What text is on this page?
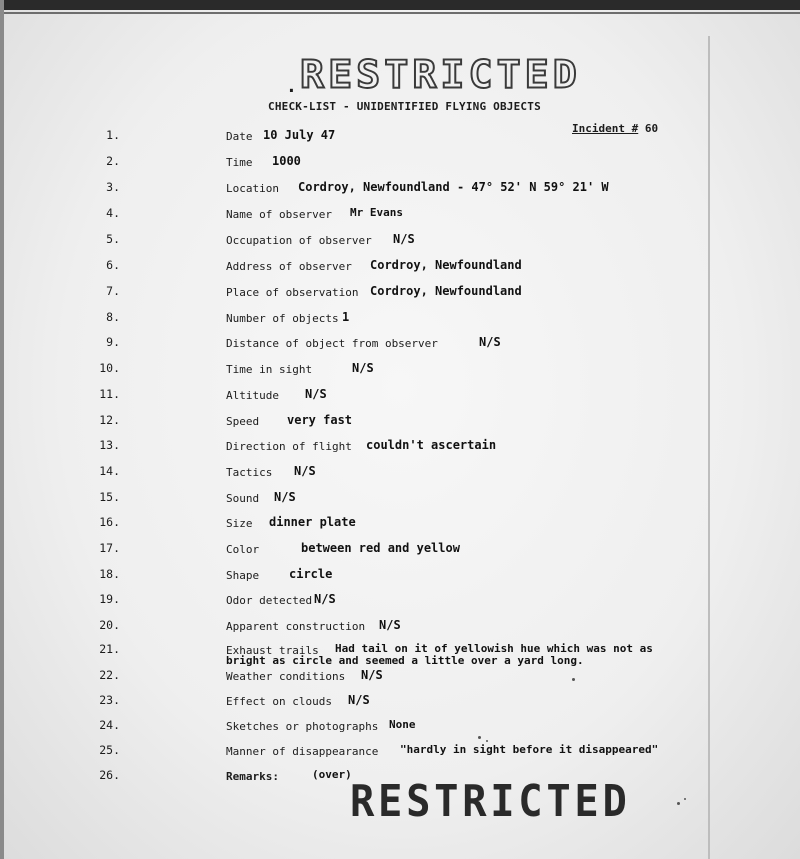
. RESTRICTED
CHECK-LIST - UNIDENTIFIED FLYING OBJECTS
Incident # 60
1.	Date 10 July 47
2.	Time 1000
3.	Location Cordroy, Newfoundland - 47° 52' N 59° 21' W
4.	Name of observer Mr Evans
5.	Occupation of observer N/S
6.	Address of observer Cordroy, Newfoundland
7.	Place of observation Cordroy, Newfoundland
8.	Number of objects 1
9.	Distance of object from observer	N/S
10.	Time in sight	N/S
11.	Altitude N/S
12.	Speed very fast
13.	Direction of flight couldn't ascertain
14.	Tactics N/S
15.	Sound N/S
16.	Size dinner plate
17.	Color	between red and yellow
18.	Shape circle
19.	Odor detected N/S
20.	Apparent construction N/S
21.	Exhaust trails Had tail on it of yellowish hue which was not as
bright as circle and seemed a little over a yard long.
22.	Weather conditions N/S
23.	Effect on clouds N/S
24.	Sketches or photographs None
25.	Manner of disappearance "hardly in sight before it disappeared"
26.	Remarks:	(over)
RESTRICTED
